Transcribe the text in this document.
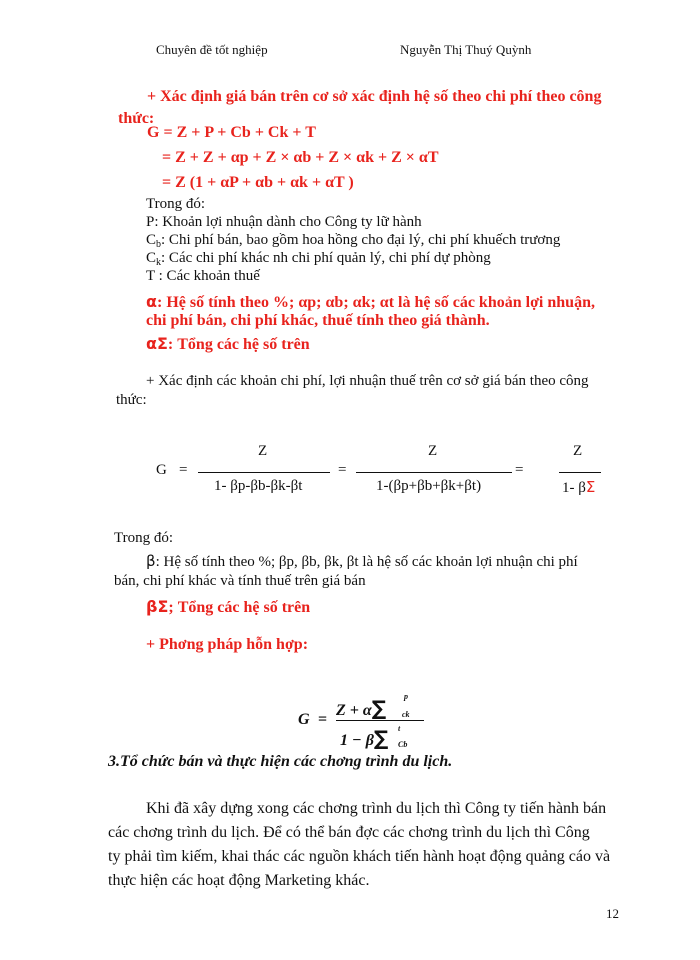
Chuyên đề tốt nghiệp	Nguyễn Thị Thuý Quỳnh
+ Xác định giá bán trên cơ sở xác định hệ số theo chi phí theo công
thức:
G = Z + P + Cb + Ck + T
= Z + Z + αp + Z × αb + Z × αk + Z × αT
= Z (1 + αP + αb + αk + αT )
Trong đó:
P: Khoản lợi nhuận dành cho Công ty lữ hành
$C_b$: Chi phí bán, bao gồm hoa hồng cho đại lý, chi phí khuếch trương
$C_k$: Các chi phí khác nh chi phí quản lý, chi phí dự phòng
T : Các khoản thuế
α: Hệ số tính theo %; αp; αb; αk; αt là hệ số các khoản lợi nhuận,
chi phí bán, chi phí khác, thuế tính theo giá thành.
αΣ: Tổng các hệ số trên
+ Xác định các khoản chi phí, lợi nhuận thuế trên cơ sở giá bán theo công
thức:
G =
Z
1- βp-βb-βk-βt
=
Z
1-(βp+βb+βk+βt)
=
Z
1- βΣ
Trong đó:
β: Hệ số tính theo %; βp, βb, βk, βt là hệ số các khoản lợi nhuận chi phí
bán, chi phí khác và tính thuế trên giá bán
βΣ; Tổng các hệ số trên
+ Phơng pháp hỗn hợp:
G =
Z + α∑ p
ck
1 − β∑ t
Cb
3.Tổ chức bán và thực hiện các chơng trình du lịch.
Khi đã xây dựng xong các chơng trình du lịch thì Công ty tiến hành bán
các chơng trình du lịch. Để có thể bán đợc các chơng trình du lịch thì Công
ty phải tìm kiếm, khai thác các nguồn khách tiến hành hoạt động quảng cáo và
thực hiện các hoạt động Marketing khác.
12
